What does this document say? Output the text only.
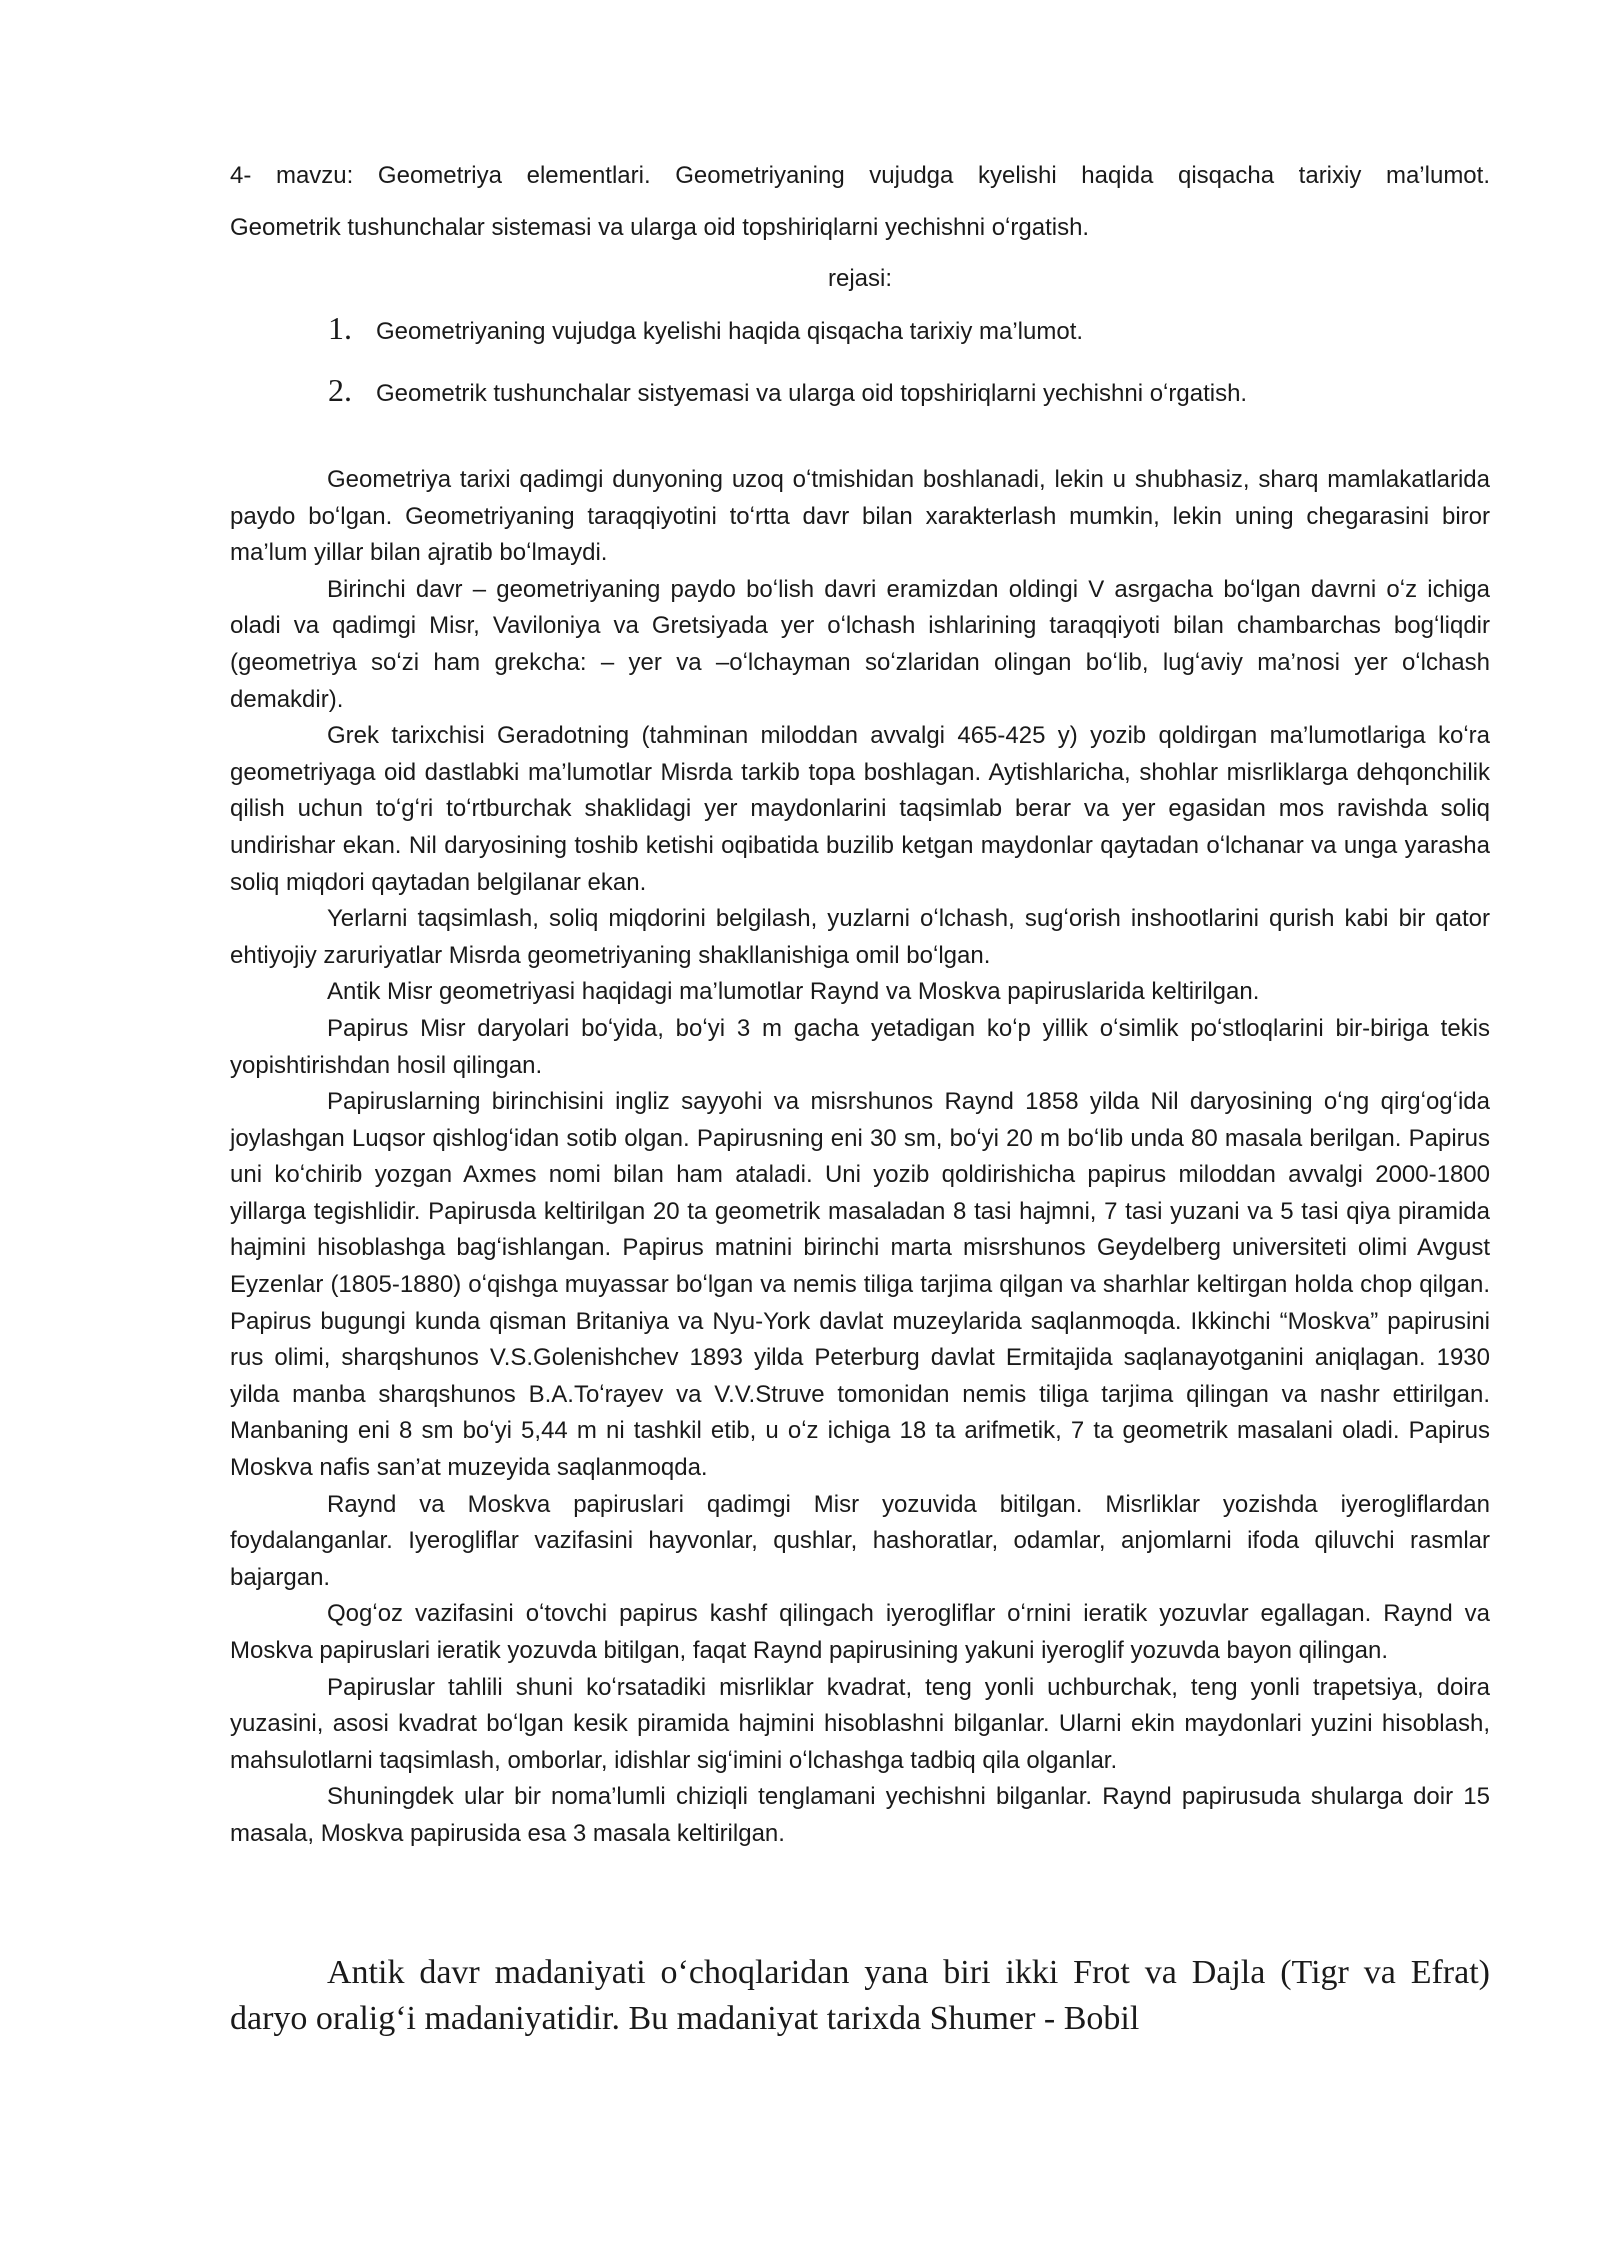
4- mavzu: Geometriya elementlari. Geometriyaning vujudga kyelishi haqida qisqacha tarixiy ma’lumot.

Geometrik tushunchalar sistemasi va ularga oid topshiriqlarni yechishni oʻrgatish.

rejasi:

1.	Geometriyaning vujudga kyelishi haqida qisqacha tarixiy ma’lumot.
2.	Geometrik tushunchalar sistyemasi va ularga oid topshiriqlarni yechishni oʻrgatish.

Geometriya tarixi qadimgi dunyoning uzoq oʻtmishidan boshlanadi, lekin u shubhasiz, sharq mamlakatlarida paydo boʻlgan. Geometriyaning taraqqiyotini toʻrtta davr bilan xarakterlash mumkin, lekin uning chegarasini biror ma’lum yillar bilan ajratib boʻlmaydi.

Birinchi davr – geometriyaning paydo boʻlish davri eramizdan oldingi V asrgacha boʻlgan davrni oʻz ichiga oladi va qadimgi Misr, Vaviloniya va Gretsiyada yer oʻlchash ishlarining taraqqiyoti bilan chambarchas bogʻliqdir (geometriya soʻzi ham grekcha: – yer va –oʻlchayman soʻzlaridan olingan boʻlib, lugʻaviy ma’nosi yer oʻlchash demakdir).

Grek tarixchisi Geradotning (tahminan miloddan avvalgi 465-425 y) yozib qoldirgan ma’lumotlariga koʻra geometriyaga oid dastlabki ma’lumotlar Misrda tarkib topa boshlagan. Aytishlaricha, shohlar misrliklarga dehqonchilik qilish uchun toʻgʻri toʻrtburchak shaklidagi yer maydonlarini taqsimlab berar va yer egasidan mos ravishda soliq undirishar ekan. Nil daryosining toshib ketishi oqibatida buzilib ketgan maydonlar qaytadan oʻlchanar va unga yarasha soliq miqdori qaytadan belgilanar ekan.

Yerlarni taqsimlash, soliq miqdorini belgilash, yuzlarni oʻlchash, sugʻorish inshootlarini qurish kabi bir qator ehtiyojiy zaruriyatlar Misrda geometriyaning shakllanishiga omil boʻlgan.

Antik Misr geometriyasi haqidagi ma’lumotlar Raynd va Moskva papiruslarida keltirilgan.

Papirus Misr daryolari boʻyida, boʻyi 3 m gacha yetadigan koʻp yillik oʻsimlik poʻstloqlarini bir-biriga tekis yopishtirishdan hosil qilingan.

Papiruslarning birinchisini ingliz sayyohi va misrshunos Raynd 1858 yilda Nil daryosining oʻng qirgʻogʻida joylashgan Luqsor qishlogʻidan sotib olgan. Papirusning eni 30 sm, boʻyi 20 m boʻlib unda 80 masala berilgan. Papirus uni koʻchirib yozgan Axmes nomi bilan ham ataladi. Uni yozib qoldirishicha papirus miloddan avvalgi 2000-1800 yillarga tegishlidir. Papirusda keltirilgan 20 ta geometrik masaladan 8 tasi hajmni, 7 tasi yuzani va 5 tasi qiya piramida hajmini hisoblashga bagʻishlangan. Papirus matnini birinchi marta misrshunos Geydelberg universiteti olimi Avgust Eyzenlar (1805-1880) oʻqishga muyassar boʻlgan va nemis tiliga tarjima qilgan va sharhlar keltirgan holda chop qilgan. Papirus bugungi kunda qisman Britaniya va Nyu-York davlat muzeylarida saqlanmoqda. Ikkinchi “Moskva” papirusini rus olimi, sharqshunos V.S.Golenishchev 1893 yilda Peterburg davlat Ermitajida saqlanayotganini aniqlagan. 1930 yilda manba sharqshunos B.A.Toʻrayev va V.V.Struve tomonidan nemis tiliga tarjima qilingan va nashr ettirilgan. Manbaning eni 8 sm boʻyi 5,44 m ni tashkil etib, u oʻz ichiga 18 ta arifmetik, 7 ta geometrik masalani oladi. Papirus Moskva nafis san’at muzeyida saqlanmoqda.

Raynd va Moskva papiruslari qadimgi Misr yozuvida bitilgan. Misrliklar yozishda iyerogliflardan foydalanganlar. Iyerogliflar vazifasini hayvonlar, qushlar, hashoratlar, odamlar, anjomlarni ifoda qiluvchi rasmlar bajargan.

Qogʻoz vazifasini oʻtovchi papirus kashf qilingach iyerogliflar oʻrnini ieratik yozuvlar egallagan. Raynd va Moskva papiruslari ieratik yozuvda bitilgan, faqat Raynd papirusining yakuni iyeroglif yozuvda bayon qilingan.

Papiruslar tahlili shuni koʻrsatadiki misrliklar kvadrat, teng yonli uchburchak, teng yonli trapetsiya, doira yuzasini, asosi kvadrat boʻlgan kesik piramida hajmini hisoblashni bilganlar. Ularni ekin maydonlari yuzini hisoblash, mahsulotlarni taqsimlash, omborlar, idishlar sigʻimini oʻlchashga tadbiq qila olganlar.

Shuningdek ular bir noma’lumli chiziqli tenglamani yechishni bilganlar. Raynd papirusuda shularga doir 15 masala, Moskva papirusida esa 3 masala keltirilgan.

Antik davr madaniyati oʻchoqlaridan yana biri ikki Frot va Dajla (Tigr va Efrat) daryo oraligʻi madaniyatidir. Bu madaniyat tarixda Shumer - Bobil
